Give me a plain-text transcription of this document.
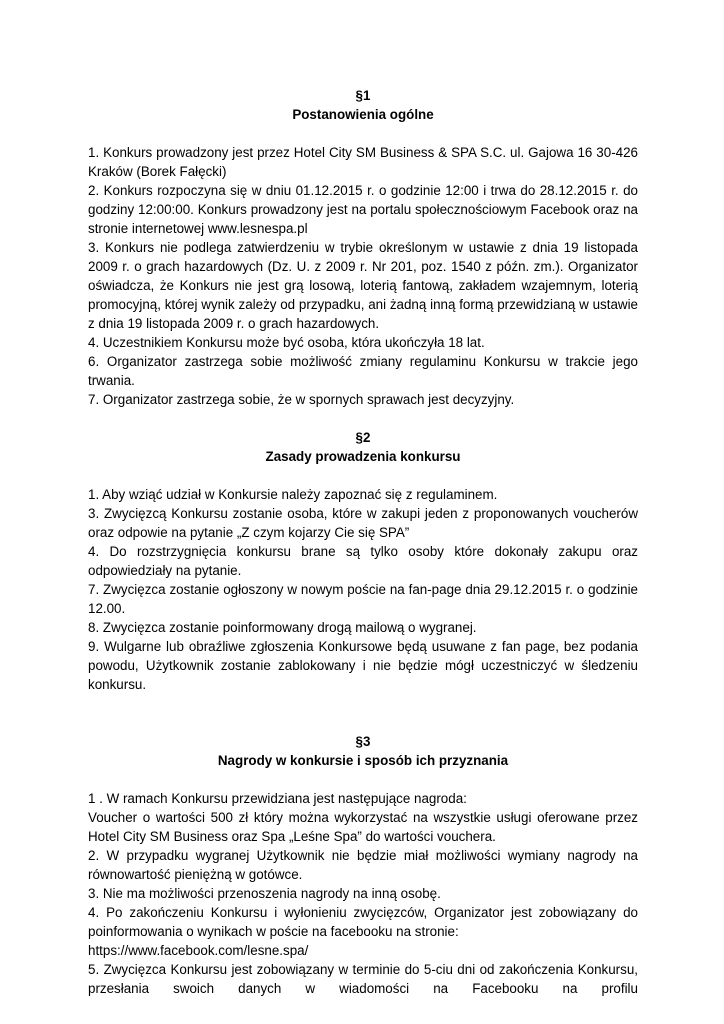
§1
Postanowienia ogólne

1. Konkurs prowadzony jest przez Hotel City SM Business & SPA S.C. ul. Gajowa 16 30-426 Kraków (Borek Fałęcki)

2. Konkurs rozpoczyna się w dniu 01.12.2015 r. o godzinie 12:00 i trwa do 28.12.2015 r. do godziny 12:00:00. Konkurs prowadzony jest na portalu społecznościowym Facebook oraz na stronie internetowej www.lesnespa.pl

3. Konkurs nie podlega zatwierdzeniu w trybie określonym w ustawie z dnia 19 listopada 2009 r. o grach hazardowych (Dz. U. z 2009 r. Nr 201, poz. 1540 z późn. zm.). Organizator oświadcza, że Konkurs nie jest grą losową, loterią fantową, zakładem wzajemnym, loterią promocyjną, której wynik zależy od przypadku, ani żadną inną formą przewidzianą w ustawie z dnia 19 listopada 2009 r. o grach hazardowych.

4. Uczestnikiem Konkursu może być osoba, która ukończyła 18 lat.

6. Organizator zastrzega sobie możliwość zmiany regulaminu Konkursu w trakcie jego trwania.

7. Organizator zastrzega sobie, że w spornych sprawach jest decyzyjny.

§2
Zasady prowadzenia konkursu

1. Aby wziąć udział w Konkursie należy zapoznać się z regulaminem.

3. Zwycięzcą Konkursu zostanie osoba, które w zakupi jeden z proponowanych voucherów oraz odpowie na pytanie „Z czym kojarzy Cie się SPA”

4. Do rozstrzygnięcia konkursu brane są tylko osoby które dokonały zakupu oraz odpowiedziały na pytanie.

7. Zwycięzca zostanie ogłoszony w nowym poście na fan-page dnia 29.12.2015 r. o godzinie 12.00.

8. Zwycięzca zostanie poinformowany drogą mailową o wygranej.

9. Wulgarne lub obraźliwe zgłoszenia Konkursowe będą usuwane z fan page, bez podania powodu, Użytkownik zostanie zablokowany i nie będzie mógł uczestniczyć w śledzeniu konkursu.

§3
Nagrody w konkursie i sposób ich przyznania

1 . W ramach Konkursu przewidziana jest następujące nagroda:

Voucher o wartości 500 zł który można wykorzystać na wszystkie usługi oferowane przez Hotel City SM Business oraz Spa „Leśne Spa” do wartości vouchera.

2. W przypadku wygranej Użytkownik nie będzie miał możliwości wymiany nagrody na równowartość pieniężną w gotówce.

3. Nie ma możliwości przenoszenia nagrody na inną osobę.

4. Po zakończeniu Konkursu i wyłonieniu zwycięzców, Organizator jest zobowiązany do poinformowania o wynikach w poście na facebooku na stronie:

https://www.facebook.com/lesne.spa/

5. Zwycięzca Konkursu jest zobowiązany w terminie do 5-ciu dni od zakończenia Konkursu, przesłania swoich danych w wiadomości na Facebooku na profilu
